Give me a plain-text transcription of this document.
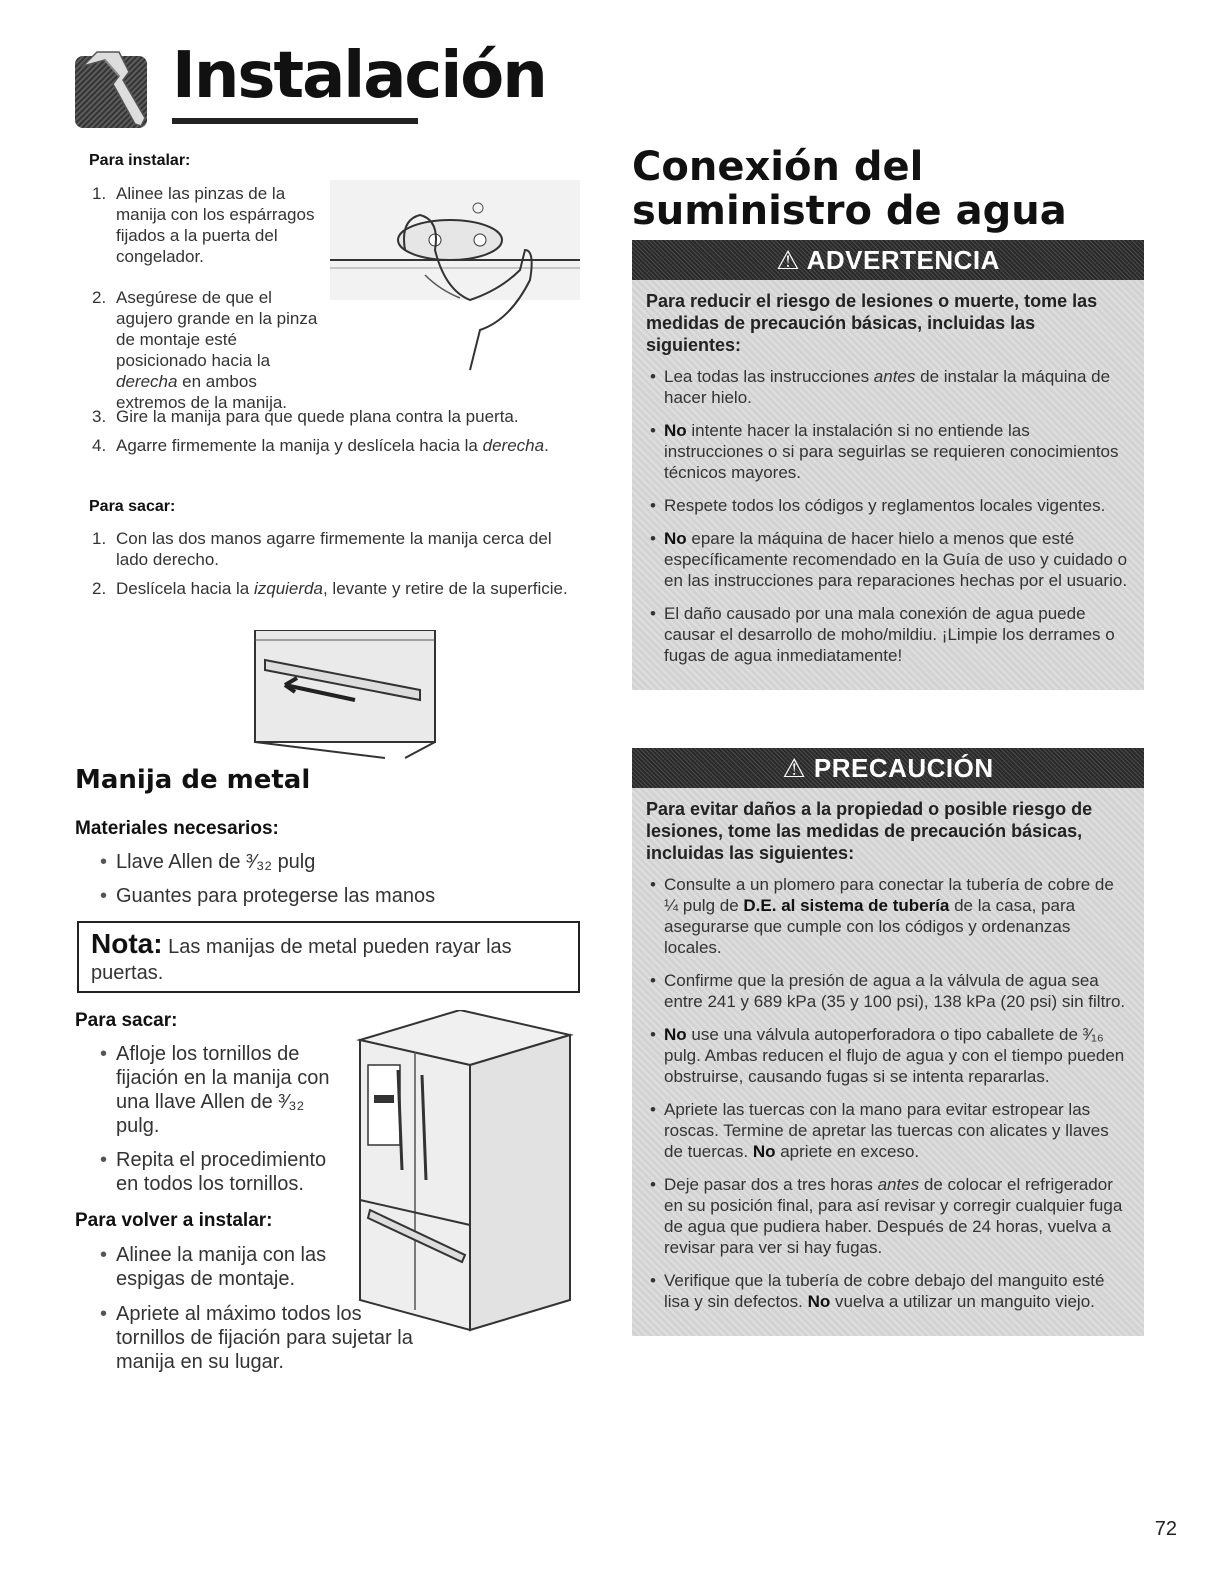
Instalación
Para instalar:
1. Alinee las pinzas de la manija con los espárragos fijados a la puerta del congelador.
2. Asegúrese de que el agujero grande en la pinza de montaje esté posicionado hacia la derecha en ambos extremos de la manija.
3. Gire la manija para que quede plana contra la puerta.
4. Agarre firmemente la manija y deslícela hacia la derecha.
Para sacar:
1. Con las dos manos agarre firmemente la manija cerca del lado derecho.
2. Deslícela hacia la izquierda, levante y retire de la superficie.
Manija de metal
Materiales necesarios:
• Llave Allen de ³⁄₃₂ pulg
• Guantes para protegerse las manos
Nota: Las manijas de metal pueden rayar las puertas.
Para sacar:
• Afloje los tornillos de fijación en la manija con una llave Allen de ³⁄₃₂ pulg.
• Repita el procedimiento en todos los tornillos.
Para volver a instalar:
• Alinee la manija con las espigas de montaje.
• Apriete al máximo todos los tornillos de fijación para sujetar la manija en su lugar.
Conexión del suministro de agua
⚠ ADVERTENCIA
Para reducir el riesgo de lesiones o muerte, tome las medidas de precaución básicas, incluidas las siguientes:
• Lea todas las instrucciones antes de instalar la máquina de hacer hielo.
• No intente hacer la instalación si no entiende las instrucciones o si para seguirlas se requieren conocimientos técnicos mayores.
• Respete todos los códigos y reglamentos locales vigentes.
• No epare la máquina de hacer hielo a menos que esté específicamente recomendado en la Guía de uso y cuidado o en las instrucciones para reparaciones hechas por el usuario.
• El daño causado por una mala conexión de agua puede causar el desarrollo de moho/mildiu. ¡Limpie los derrames o fugas de agua inmediatamente!
⚠ PRECAUCIÓN
Para evitar daños a la propiedad o posible riesgo de lesiones, tome las medidas de precaución básicas, incluidas las siguientes:
• Consulte a un plomero para conectar la tubería de cobre de ¼ pulg de D.E. al sistema de tubería de la casa, para asegurarse que cumple con los códigos y ordenanzas locales.
• Confirme que la presión de agua a la válvula de agua sea entre 241 y 689 kPa (35 y 100 psi), 138 kPa (20 psi) sin filtro.
• No use una válvula autoperforadora o tipo caballete de ³⁄₁₆ pulg. Ambas reducen el flujo de agua y con el tiempo pueden obstruirse, causando fugas si se intenta repararlas.
• Apriete las tuercas con la mano para evitar estropear las roscas. Termine de apretar las tuercas con alicates y llaves de tuercas. No apriete en exceso.
• Deje pasar dos a tres horas antes de colocar el refrigerador en su posición final, para así revisar y corregir cualquier fuga de agua que pudiera haber. Después de 24 horas, vuelva a revisar para ver si hay fugas.
• Verifique que la tubería de cobre debajo del manguito esté lisa y sin defectos. No vuelva a utilizar un manguito viejo.
72
